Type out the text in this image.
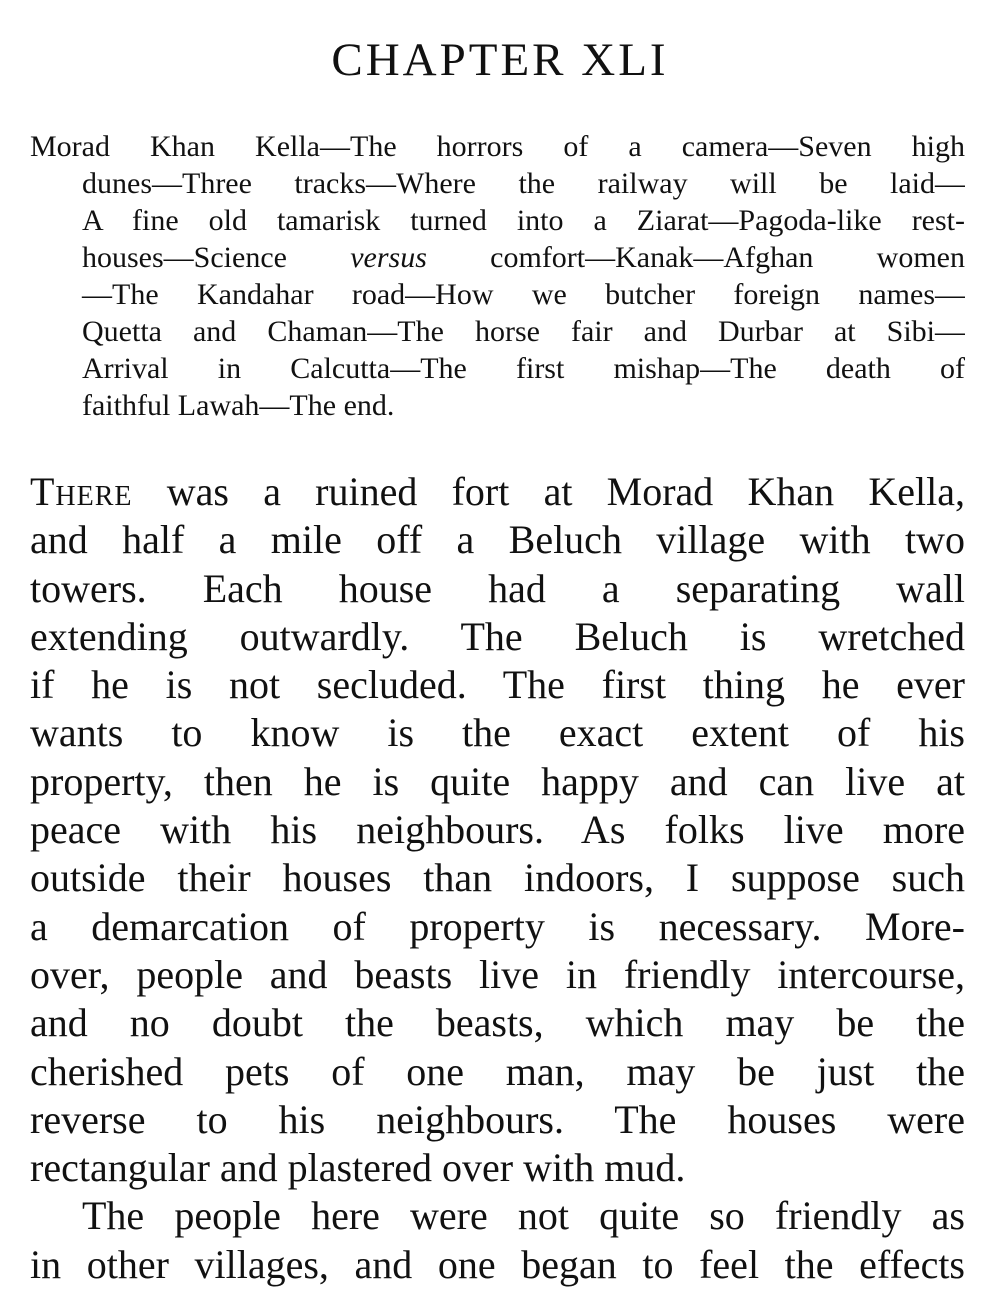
CHAPTER XLI
Morad Khan Kella—The horrors of a camera—Seven high
dunes—Three tracks—Where the railway will be laid—
A fine old tamarisk turned into a Ziarat—Pagoda-like rest-
houses—Science versus comfort—Kanak—Afghan women
—The Kandahar road—How we butcher foreign names—
Quetta and Chaman—The horse fair and Durbar at Sibi—
Arrival in Calcutta—The first mishap—The death of
faithful Lawah—The end.
There was a ruined fort at Morad Khan Kella,
and half a mile off a Beluch village with two
towers. Each house had a separating wall
extending outwardly. The Beluch is wretched
if he is not secluded. The first thing he ever
wants to know is the exact extent of his
property, then he is quite happy and can live at
peace with his neighbours. As folks live more
outside their houses than indoors, I suppose such
a demarcation of property is necessary. More-
over, people and beasts live in friendly intercourse,
and no doubt the beasts, which may be the
cherished pets of one man, may be just the
reverse to his neighbours. The houses were
rectangular and plastered over with mud.
The people here were not quite so friendly as
in other villages, and one began to feel the effects
